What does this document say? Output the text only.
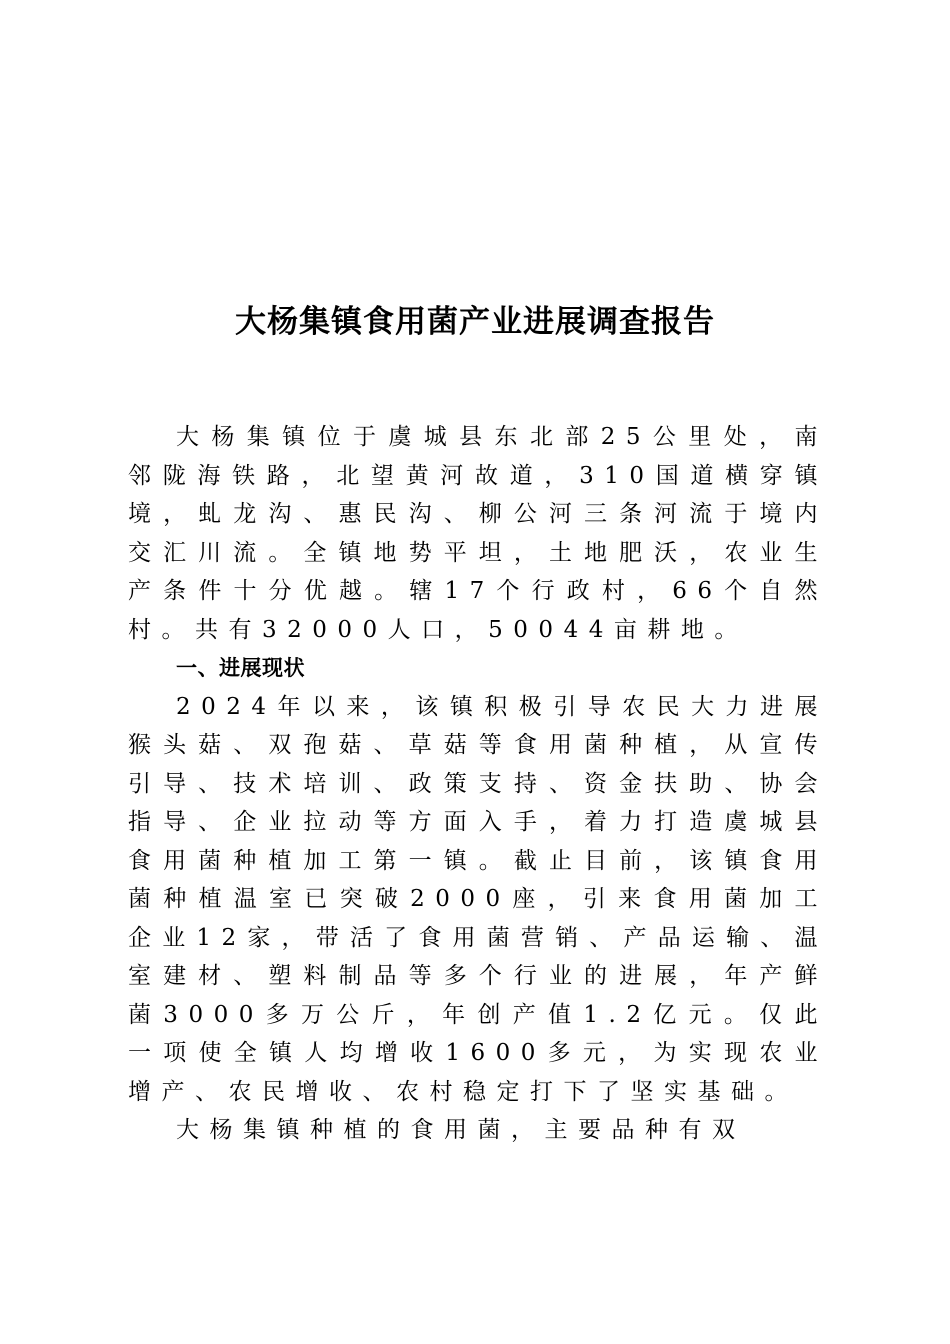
大杨集镇食用菌产业进展调查报告

大杨集镇位于虞城县东北部25公里处，南邻陇海铁路，北望黄河故道，310国道横穿镇境，虬龙沟、惠民沟、柳公河三条河流于境内交汇川流。全镇地势平坦，土地肥沃，农业生产条件十分优越。辖17个行政村，66个自然村。共有32000人口，50044亩耕地。

一、进展现状

2024年以来，该镇积极引导农民大力进展猴头菇、双孢菇、草菇等食用菌种植，从宣传引导、技术培训、政策支持、资金扶助、协会指导、企业拉动等方面入手，着力打造虞城县食用菌种植加工第一镇。截止目前，该镇食用菌种植温室已突破2000座，引来食用菌加工企业12家，带活了食用菌营销、产品运输、温室建材、塑料制品等多个行业的进展，年产鲜菌3000多万公斤，年创产值1.2亿元。仅此一项使全镇人均增收1600多元，为实现农业增产、农民增收、农村稳定打下了坚实基础。

大杨集镇种植的食用菌，主要品种有双
